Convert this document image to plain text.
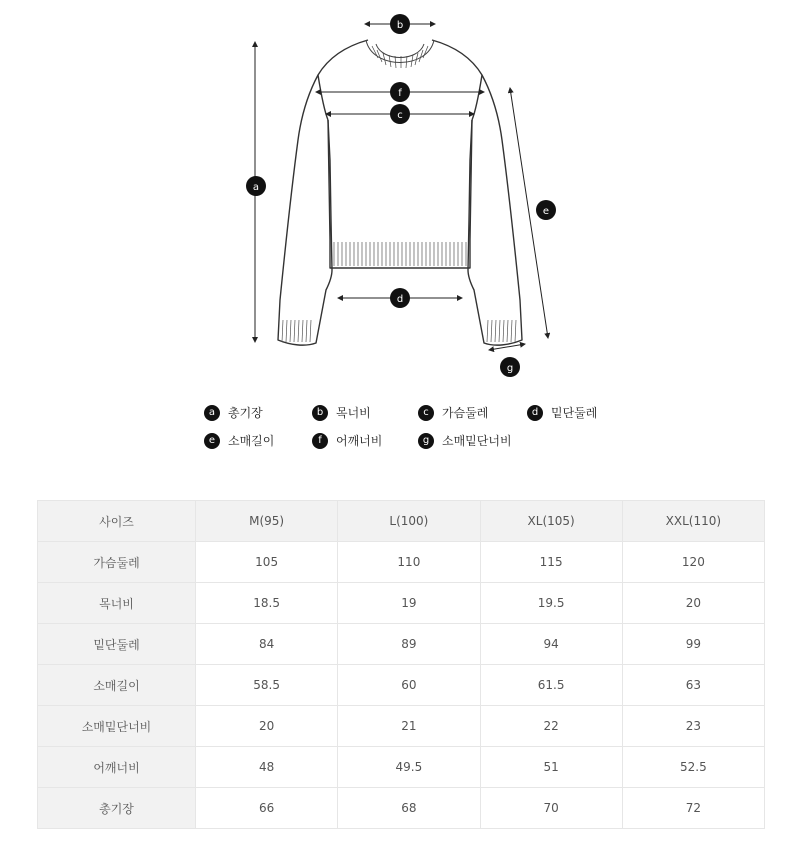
b
f
c
a
e
d
g
a	총기장	b	목너비	c	가슴둘레	d	밑단둘레
e	소매길이	f	어깨너비	g	소매밑단너비
사이즈	M(95)	L(100)	XL(105)	XXL(110)
가슴둘레	105	110	115	120
목너비	18.5	19	19.5	20
밑단둘레	84	89	94	99
소매길이	58.5	60	61.5	63
소매밑단너비	20	21	22	23
어깨너비	48	49.5	51	52.5
총기장	66	68	70	72
